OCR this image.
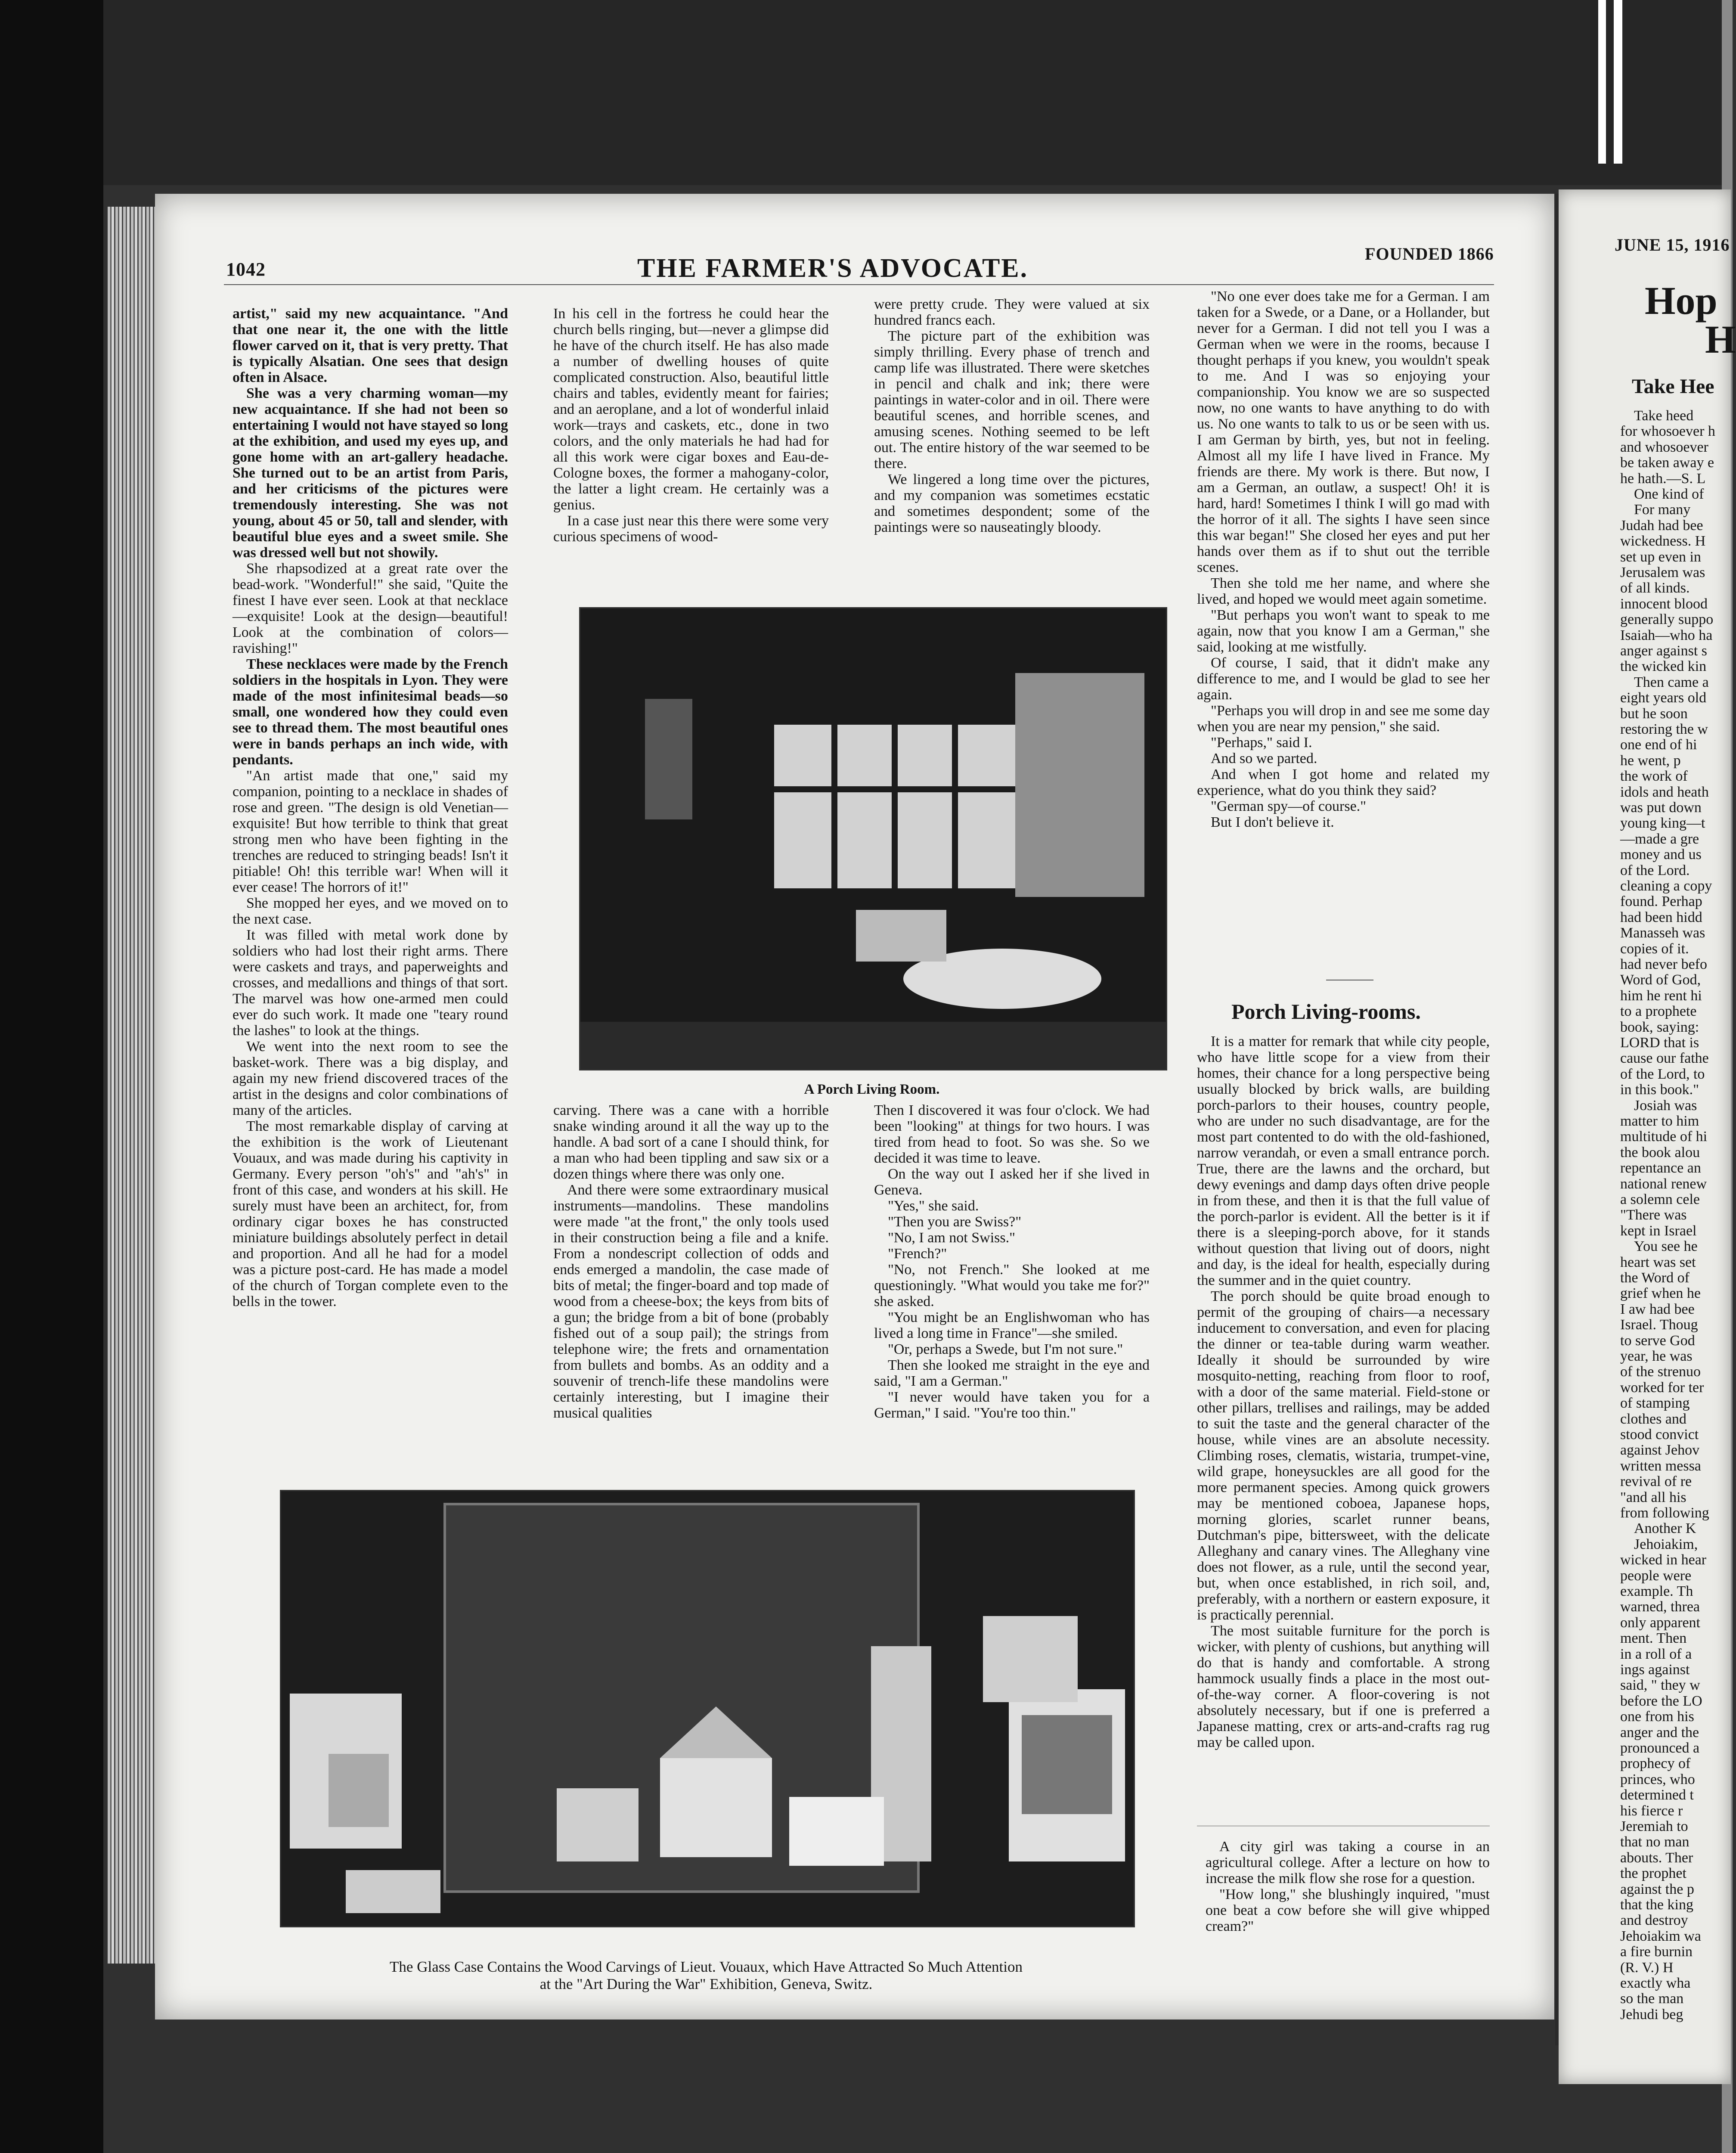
1042	THE FARMER'S ADVOCATE.	FOUNDED 1866

artist," said my new acquaintance. "And that one near it, the one with the little flower carved on it, that is very pretty. That is typically Alsatian. One sees that design often in Alsace.

She was a very charming woman—my new acquaintance. If she had not been so entertaining I would not have stayed so long at the exhibition, and used my eyes up, and gone home with an art-gallery headache. She turned out to be an artist from Paris, and her criticisms of the pictures were tremendously interesting. She was not young, about 45 or 50, tall and slender, with beautiful blue eyes and a sweet smile. She was dressed well but not showily.

She rhapsodized at a great rate over the bead-work. "Wonderful!" she said, "Quite the finest I have ever seen. Look at that necklace—exquisite! Look at the design—beautiful! Look at the combination of colors—ravishing!"

These necklaces were made by the French soldiers in the hospitals in Lyon. They were made of the most infinitesimal beads—so small, one wondered how they could even see to thread them. The most beautiful ones were in bands perhaps an inch wide, with pendants.

"An artist made that one," said my companion, pointing to a necklace in shades of rose and green. "The design is old Venetian—exquisite! But how terrible to think that great strong men who have been fighting in the trenches are reduced to stringing beads! Isn't it pitiable! Oh! this terrible war! When will it ever cease! The horrors of it!"

She mopped her eyes, and we moved on to the next case.

It was filled with metal work done by soldiers who had lost their right arms. There were caskets and trays, and paperweights and crosses, and medallions and things of that sort. The marvel was how one-armed men could ever do such work. It made one "teary round the lashes" to look at the things.

We went into the next room to see the basket-work. There was a big display, and again my new friend discovered traces of the artist in the designs and color combinations of many of the articles.

The most remarkable display of carving at the exhibition is the work of Lieutenant Vouaux, and was made during his captivity in Germany. Every person "oh's" and "ah's" in front of this case, and wonders at his skill. He surely must have been an architect, for, from ordinary cigar boxes he has constructed miniature buildings absolutely perfect in detail and proportion. And all he had for a model was a picture post-card. He has made a model of the church of Torgan complete even to the bells in the tower.

In his cell in the fortress he could hear the church bells ringing, but—never a glimpse did he have of the church itself. He has also made a number of dwelling houses of quite complicated construction. Also, beautiful little chairs and tables, evidently meant for fairies; and an aeroplane, and a lot of wonderful inlaid work—trays and caskets, etc., done in two colors, and the only materials he had had for all this work were cigar boxes and Eau-de-Cologne boxes, the former a mahogany-color, the latter a light cream. He certainly was a genius.

In a case just near this there were some very curious specimens of wood-

were pretty crude. They were valued at six hundred francs each.

The picture part of the exhibition was simply thrilling. Every phase of trench and camp life was illustrated. There were sketches in pencil and chalk and ink; there were paintings in water-color and in oil. There were beautiful scenes, and horrible scenes, and amusing scenes. Nothing seemed to be left out. The entire history of the war seemed to be there.

We lingered a long time over the pictures, and my companion was sometimes ecstatic and sometimes despondent; some of the paintings were so nauseatingly bloody.

"No one ever does take me for a German. I am taken for a Swede, or a Dane, or a Hollander, but never for a German. I did not tell you I was a German when we were in the rooms, because I thought perhaps if you knew, you wouldn't speak to me. And I was so enjoying your companionship. You know we are so suspected now, no one wants to have anything to do with us. No one wants to talk to us or be seen with us. I am German by birth, yes, but not in feeling. Almost all my life I have lived in France. My friends are there. My work is there. But now, I am a German, an outlaw, a suspect! Oh! it is hard, hard! Sometimes I think I will go mad with the horror of it all. The sights I have seen since this war began!" She closed her eyes and put her hands over them as if to shut out the terrible scenes.

Then she told me her name, and where she lived, and hoped we would meet again sometime.

"But perhaps you won't want to speak to me again, now that you know I am a German," she said, looking at me wistfully.

Of course, I said, that it didn't make any difference to me, and I would be glad to see her again.

"Perhaps you will drop in and see me some day when you are near my pension," she said.

"Perhaps," said I.

And so we parted.

And when I got home and related my experience, what do you think they said?

"German spy—of course."

But I don't believe it.

A Porch Living Room.

carving. There was a cane with a horrible snake winding around it all the way up to the handle. A bad sort of a cane I should think, for a man who had been tippling and saw six or a dozen things where there was only one.

And there were some extraordinary musical instruments—mandolins. These mandolins were made "at the front," the only tools used in their construction being a file and a knife. From a nondescript collection of odds and ends emerged a mandolin, the case made of bits of metal; the finger-board and top made of wood from a cheese-box; the keys from bits of a gun; the bridge from a bit of bone (probably fished out of a soup pail); the strings from telephone wire; the frets and ornamentation from bullets and bombs. As an oddity and a souvenir of trench-life these mandolins were certainly interesting, but I imagine their musical qualities

Then I discovered it was four o'clock. We had been "looking" at things for two hours. I was tired from head to foot. So was she. So we decided it was time to leave.

On the way out I asked her if she lived in Geneva.

"Yes," she said.

"Then you are Swiss?"

"No, I am not Swiss."

"French?"

"No, not French." She looked at me questioningly. "What would you take me for?" she asked.

"You might be an Englishwoman who has lived a long time in France"—she smiled.

"Or, perhaps a Swede, but I'm not sure."

Then she looked me straight in the eye and said, "I am a German."

"I never would have taken you for a German," I said. "You're too thin."

Porch Living-rooms.

It is a matter for remark that while city people, who have little scope for a view from their homes, their chance for a long perspective being usually blocked by brick walls, are building porch-parlors to their houses, country people, who are under no such disadvantage, are for the most part contented to do with the old-fashioned, narrow verandah, or even a small entrance porch. True, there are the lawns and the orchard, but dewy evenings and damp days often drive people in from these, and then it is that the full value of the porch-parlor is evident. All the better is it if there is a sleeping-porch above, for it stands without question that living out of doors, night and day, is the ideal for health, especially during the summer and in the quiet country.

The porch should be quite broad enough to permit of the grouping of chairs—a necessary inducement to conversation, and even for placing the dinner or tea-table during warm weather. Ideally it should be surrounded by wire mosquito-netting, reaching from floor to roof, with a door of the same material. Field-stone or other pillars, trellises and railings, may be added to suit the taste and the general character of the house, while vines are an absolute necessity. Climbing roses, clematis, wistaria, trumpet-vine, wild grape, honeysuckles are all good for the more permanent species. Among quick growers may be mentioned coboea, Japanese hops, morning glories, scarlet runner beans, Dutchman's pipe, bittersweet, with the delicate Alleghany and canary vines. The Alleghany vine does not flower, as a rule, until the second year, but, when once established, in rich soil, and, preferably, with a northern or eastern exposure, it is practically perennial.

The most suitable furniture for the porch is wicker, with plenty of cushions, but anything will do that is handy and comfortable. A strong hammock usually finds a place in the most out-of-the-way corner. A floor-covering is not absolutely necessary, but if one is preferred a Japanese matting, crex or arts-and-crafts rag rug may be called upon.

A city girl was taking a course in an agricultural college. After a lecture on how to increase the milk flow she rose for a question.

"How long," she blushingly inquired, "must one beat a cow before she will give whipped cream?"

The Glass Case Contains the Wood Carvings of Lieut. Vouaux, which Have Attracted So Much Attention
at the "Art During the War" Exhibition, Geneva, Switz.
JUNE 15, 1916
Hop
H
Take Hee
Take heed
for whosoever h
and whosoever
be taken away e
he hath.—S. L
One kind of
For many
Judah had bee
wickedness. H
set up even in
Jerusalem was
of all kinds.
innocent blood
generally suppo
Isaiah—who ha
anger against s
the wicked kin
Then came a
eight years old
but he soon
restoring the w
one end of hi
he went, p
the work of
idols and heath
was put down
young king—t
—made a gre
money and us
of the Lord.
cleaning a copy
found. Perhap
had been hidd
Manasseh was
copies of it.
had never befo
Word of God,
him he rent hi
to a prophete
book, saying:
LORD that is
cause our fathe
of the Lord, to
in this book."
Josiah was
matter to him
multitude of hi
the book alou
repentance an
national renew
a solemn cele
"There was
kept in Israel
You see he
heart was set
the Word of
grief when he
I aw had bee
Israel. Thoug
to serve God
year, he was
of the strenuo
worked for ter
of stamping
clothes and
stood convict
against Jehov
written messa
revival of re
"and all his
from following
Another K
Jehoiakim,
wicked in hear
people were
example. Th
warned, threa
only apparent
ment. Then
in a roll of a
ings against
said, " they w
before the LO
one from his
anger and the
pronounced a
prophecy of
princes, who
determined t
his fierce r
Jeremiah to
that no man
abouts. Ther
the prophet
against the p
that the king
and destroy
Jehoiakim wa
a fire burnin
(R. V.) H
exactly wha
so the man
Jehudi beg
